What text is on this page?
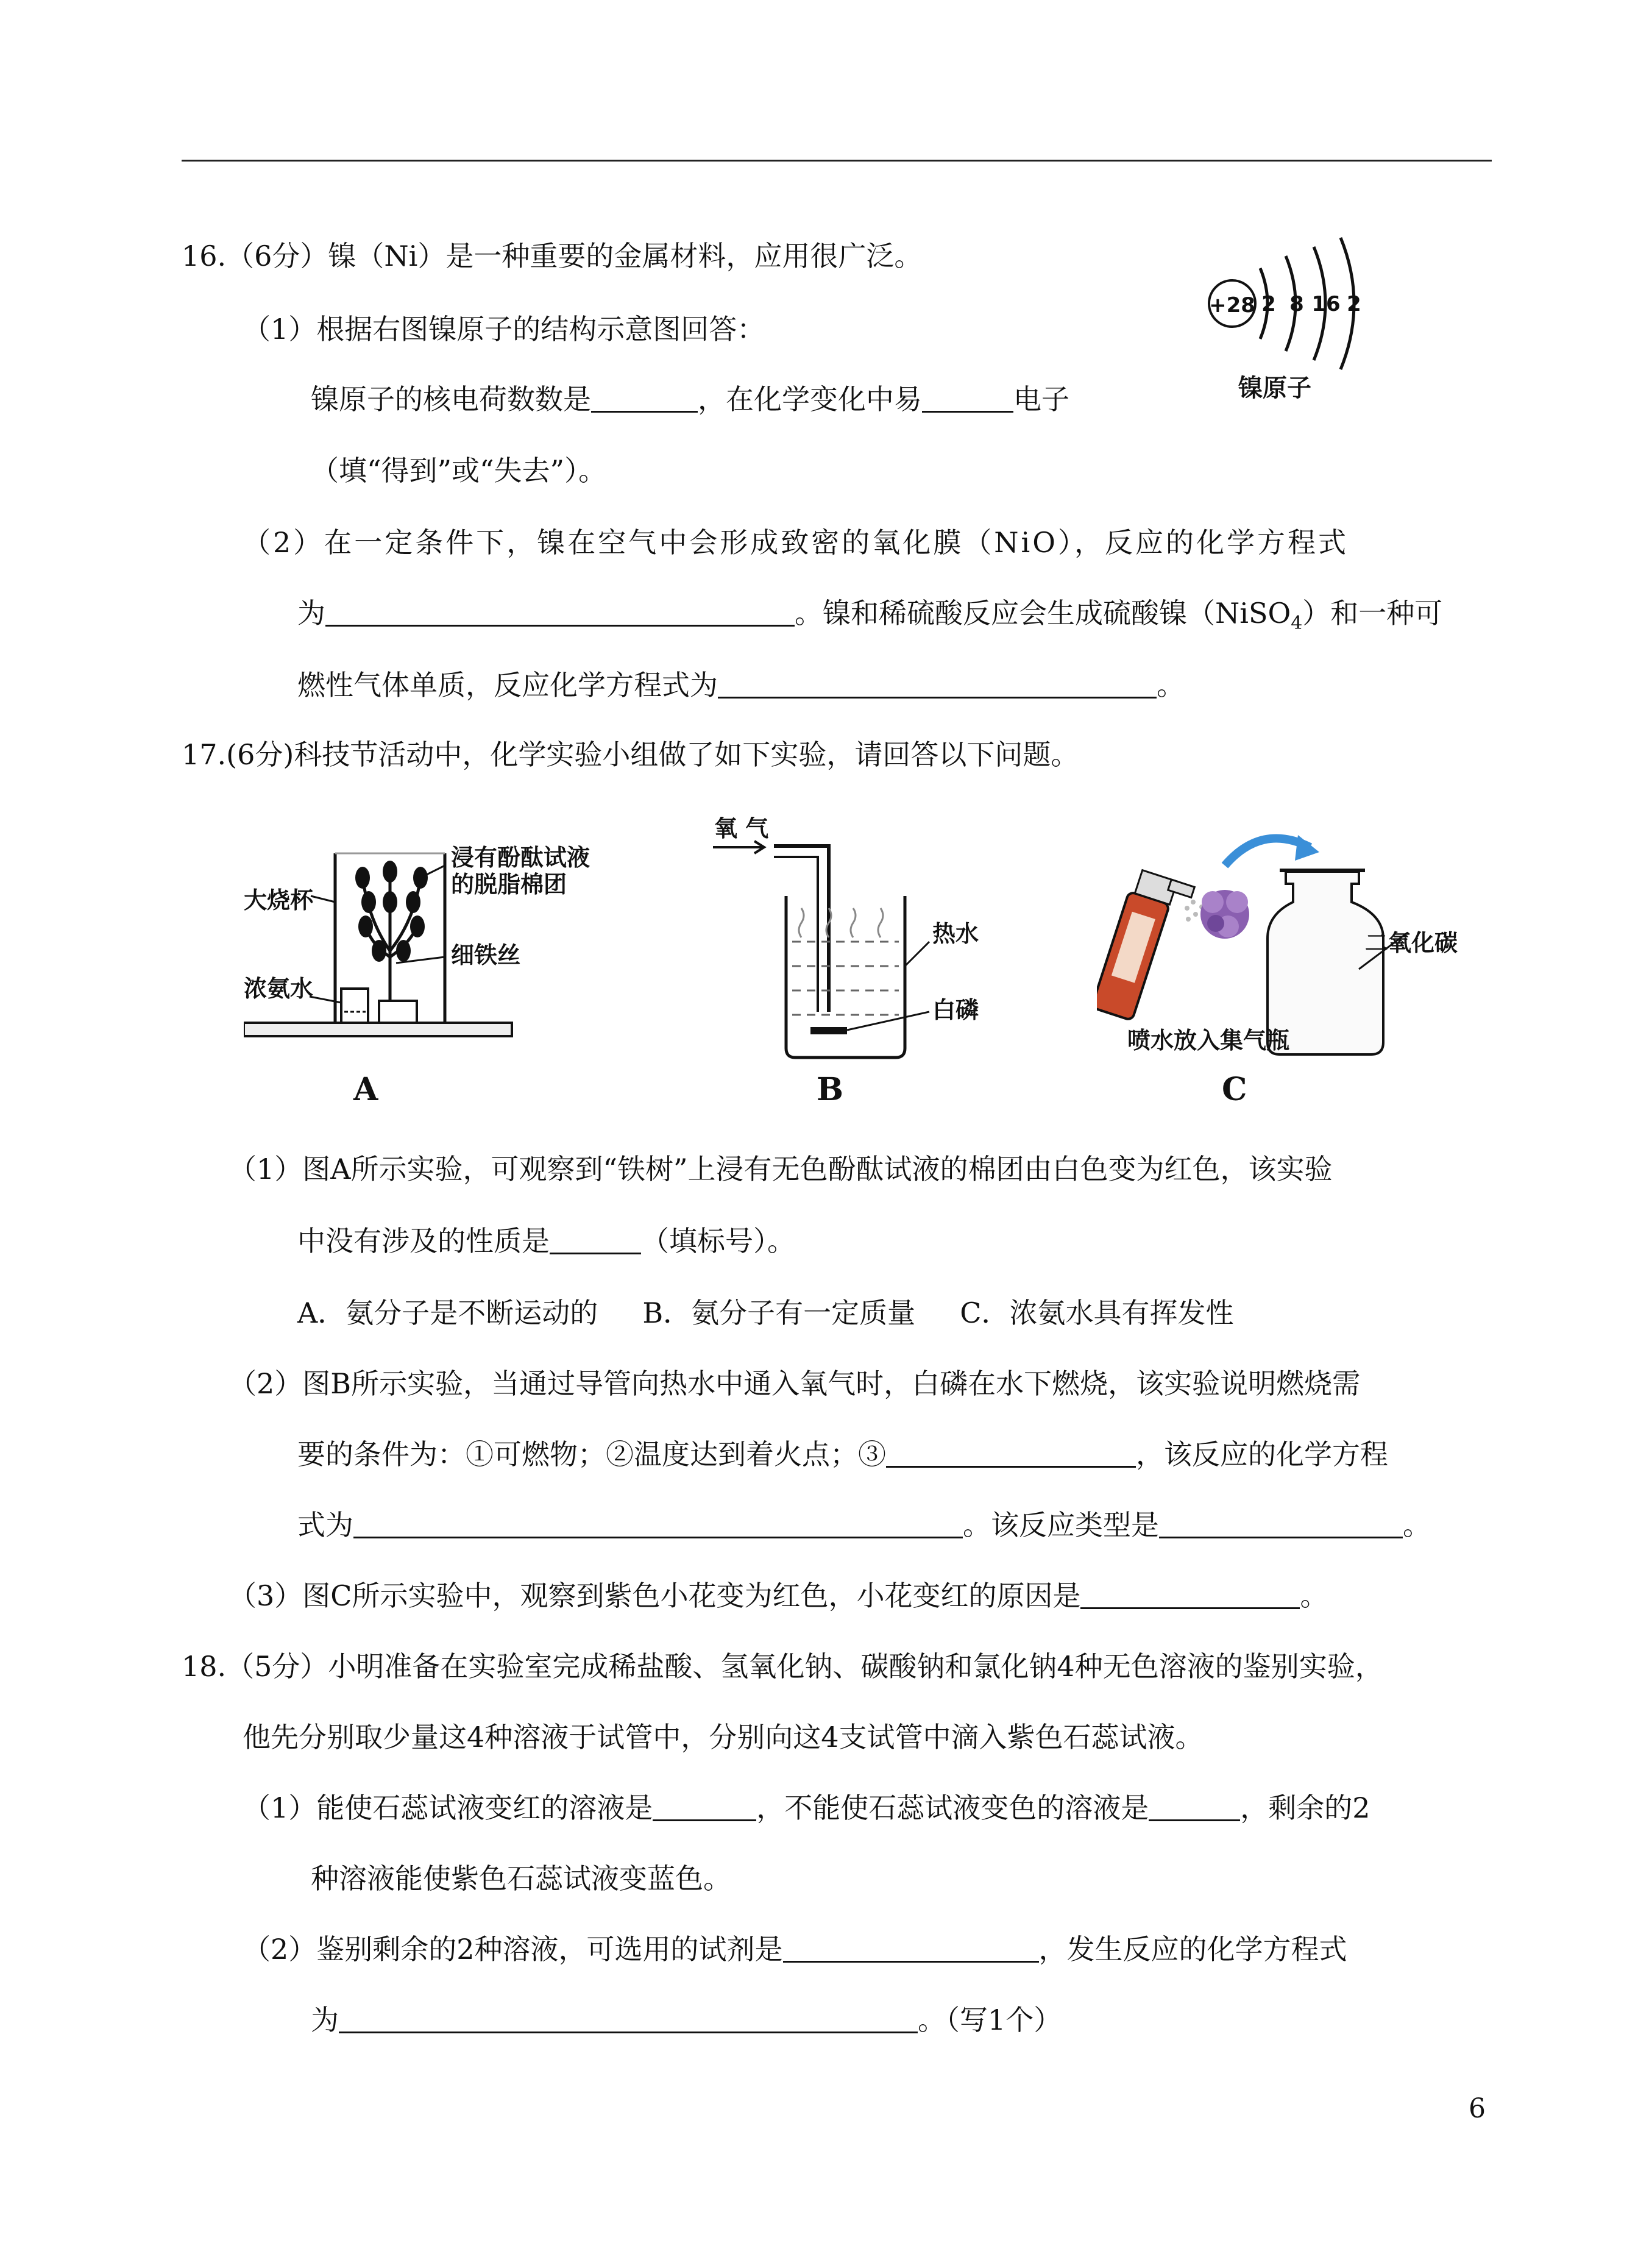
16.（6分）镍（Ni）是一种重要的金属材料，应用很广泛。
（1）根据右图镍原子的结构示意图回答：
镍原子的核电荷数数是	，在化学变化中易	电子
（填“得到”或“失去”）。
（2）在一定条件下，镍在空气中会形成致密的氧化膜（NiO），反应的化学方程式
为	。镍和稀硫酸反应会生成硫酸镍（NiSO$_4$）和一种可
燃性气体单质，反应化学方程式为	。
+28 2 8 16 2
镍原子
17.(6分)科技节活动中，化学实验小组做了如下实验，请回答以下问题。
大烧杯
浸有酚酞试液
的脱脂棉团
细铁丝
浓氨水
A
氧 气
热水
白磷
B
二氧化碳
喷水放入集气瓶
C
（1）图A所示实验，可观察到“铁树”上浸有无色酚酞试液的棉团由白色变为红色，该实验
中没有涉及的性质是	（填标号）。
A．氨分子是不断运动的     B．氨分子有一定质量     C．浓氨水具有挥发性
（2）图B所示实验，当通过导管向热水中通入氧气时，白磷在水下燃烧，该实验说明燃烧需
要的条件为：①可燃物；②温度达到着火点；③	，该反应的化学方程
式为	。该反应类型是	。
（3）图C所示实验中，观察到紫色小花变为红色，小花变红的原因是	。
18.（5分）小明准备在实验室完成稀盐酸、氢氧化钠、碳酸钠和氯化钠4种无色溶液的鉴别实验，
他先分别取少量这4种溶液于试管中，分别向这4支试管中滴入紫色石蕊试液。
（1）能使石蕊试液变红的溶液是	，不能使石蕊试液变色的溶液是	，剩余的2
种溶液能使紫色石蕊试液变蓝色。
（2）鉴别剩余的2种溶液，可选用的试剂是	，发生反应的化学方程式
为	。（写1个）
6
